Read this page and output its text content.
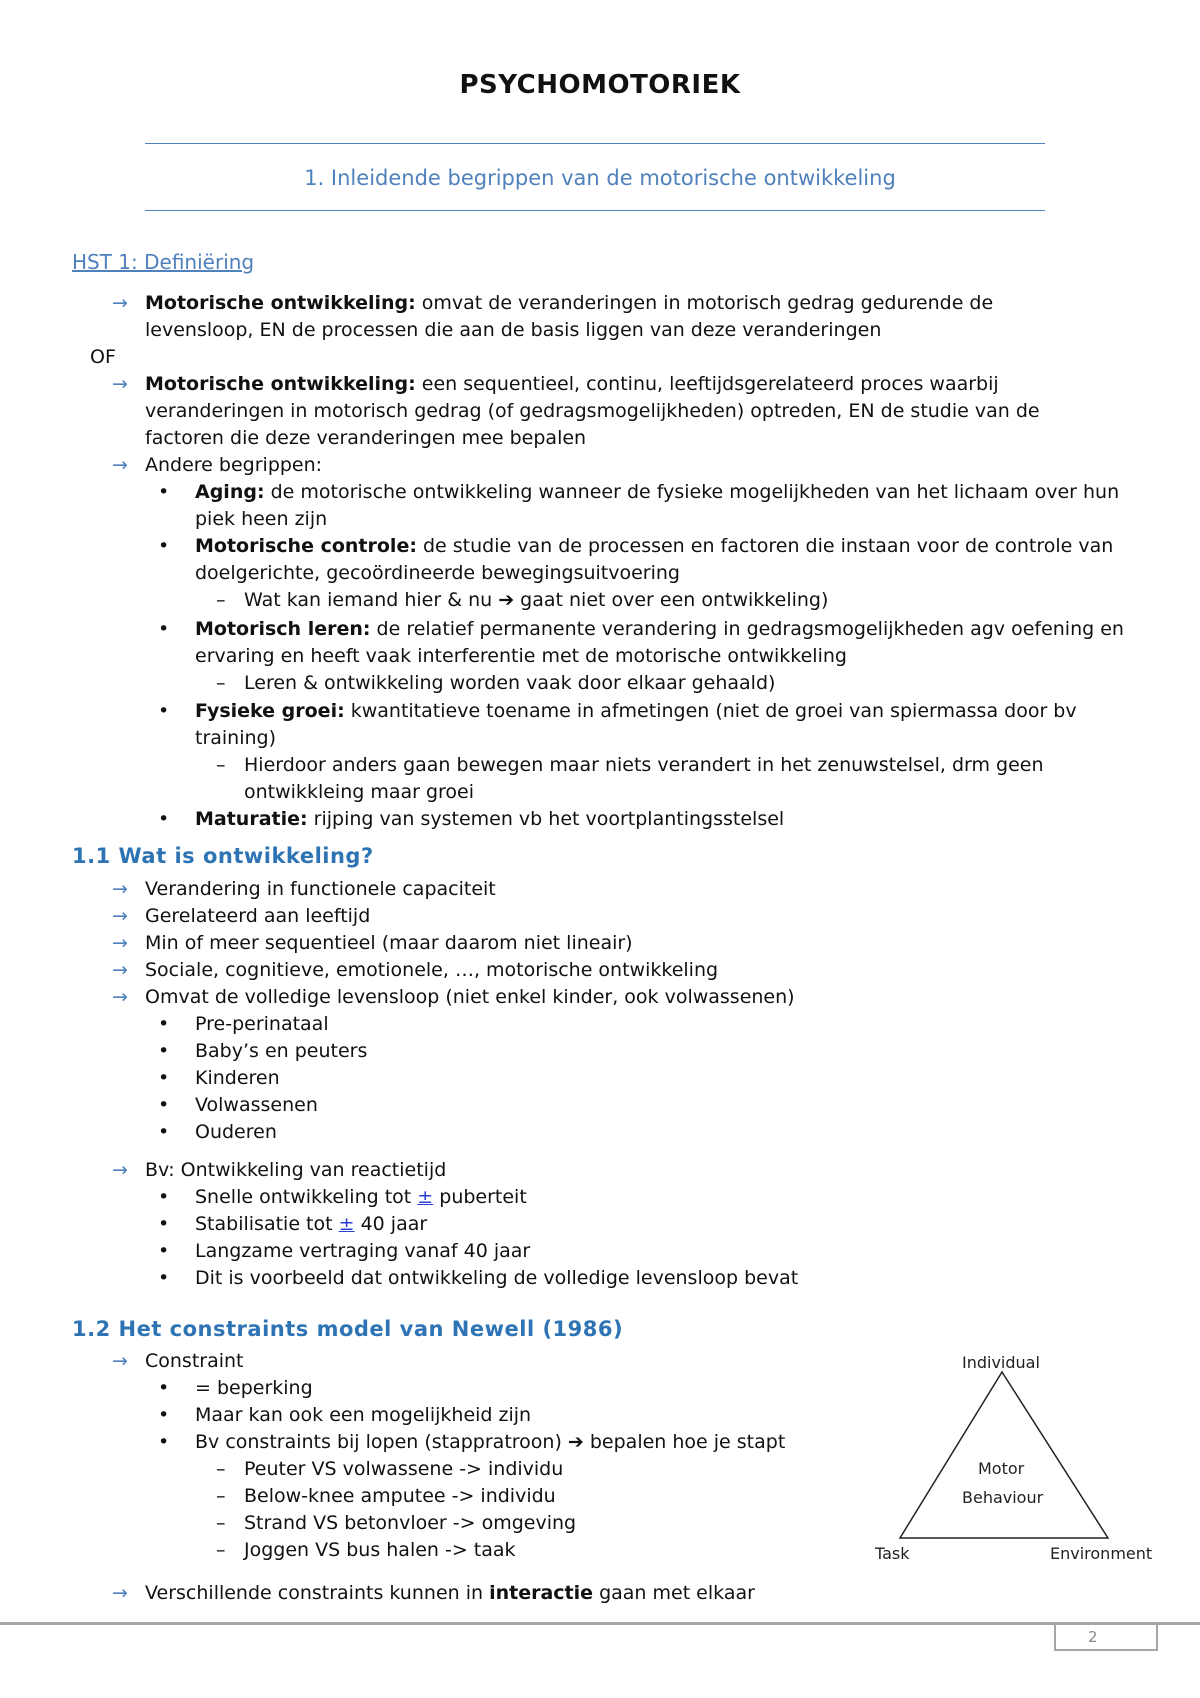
PSYCHOMOTORIEK
1. Inleidende begrippen van de motorische ontwikkeling
HST 1: Definiëring
→ Motorische ontwikkeling: omvat de veranderingen in motorisch gedrag gedurende de
levensloop, EN de processen die aan de basis liggen van deze veranderingen
OF
→ Motorische ontwikkeling: een sequentieel, continu, leeftijdsgerelateerd proces waarbij
veranderingen in motorisch gedrag (of gedragsmogelijkheden) optreden, EN de studie van de
factoren die deze veranderingen mee bepalen
→ Andere begrippen:
• Aging: de motorische ontwikkeling wanneer de fysieke mogelijkheden van het lichaam over hun
piek heen zijn
• Motorische controle: de studie van de processen en factoren die instaan voor de controle van
doelgerichte, gecoördineerde bewegingsuitvoering
– Wat kan iemand hier & nu ➔ gaat niet over een ontwikkeling)
• Motorisch leren: de relatief permanente verandering in gedragsmogelijkheden agv oefening en
ervaring en heeft vaak interferentie met de motorische ontwikkeling
– Leren & ontwikkeling worden vaak door elkaar gehaald)
• Fysieke groei: kwantitatieve toename in afmetingen (niet de groei van spiermassa door bv
training)
– Hierdoor anders gaan bewegen maar niets verandert in het zenuwstelsel, drm geen
ontwikkleing maar groei
• Maturatie: rijping van systemen vb het voortplantingsstelsel
1.1 Wat is ontwikkeling?
→ Verandering in functionele capaciteit
→ Gerelateerd aan leeftijd
→ Min of meer sequentieel (maar daarom niet lineair)
→ Sociale, cognitieve, emotionele, …, motorische ontwikkeling
→ Omvat de volledige levensloop (niet enkel kinder, ook volwassenen)
• Pre-perinataal
• Baby’s en peuters
• Kinderen
• Volwassenen
• Ouderen
→ Bv: Ontwikkeling van reactietijd
• Snelle ontwikkeling tot ± puberteit
• Stabilisatie tot ± 40 jaar
• Langzame vertraging vanaf 40 jaar
• Dit is voorbeeld dat ontwikkeling de volledige levensloop bevat
1.2 Het constraints model van Newell (1986)
→ Constraint
• = beperking
• Maar kan ook een mogelijkheid zijn
• Bv constraints bij lopen (stappratroon) ➔ bepalen hoe je stapt
– Peuter VS volwassene -> individu
– Below-knee amputee -> individu
– Strand VS betonvloer -> omgeving
– Joggen VS bus halen -> taak
→ Verschillende constraints kunnen in interactie gaan met elkaar
Individual
Motor
Behaviour
Task	Environment
2
